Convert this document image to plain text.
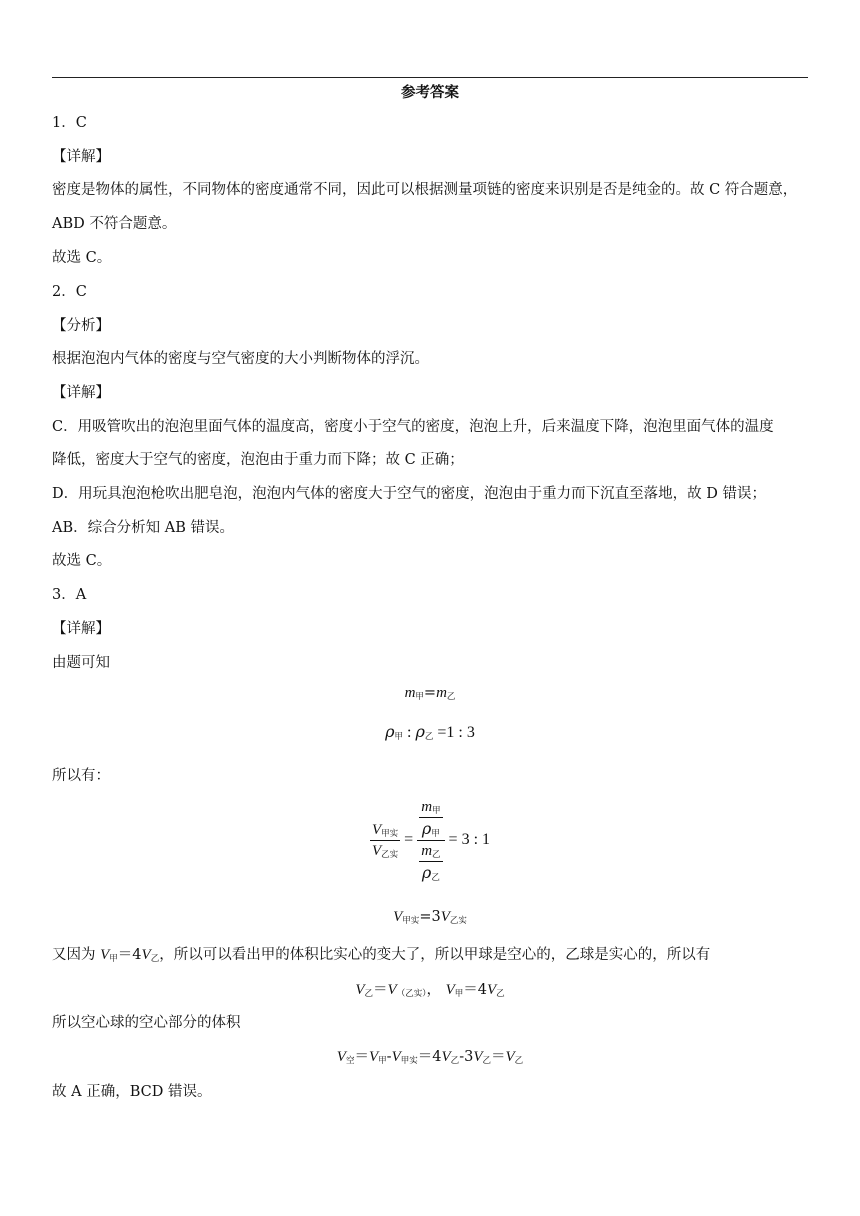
参考答案
1．C
【详解】
密度是物体的属性，不同物体的密度通常不同，因此可以根据测量项链的密度来识别是否是纯金的。故 C 符合题意，
ABD 不符合题意。
故选 C。
2．C
【分析】
根据泡泡内气体的密度与空气密度的大小判断物体的浮沉。
【详解】
C．用吸管吹出的泡泡里面气体的温度高，密度小于空气的密度，泡泡上升，后来温度下降，泡泡里面气体的温度
降低，密度大于空气的密度，泡泡由于重力而下降；故 C 正确；
D．用玩具泡泡枪吹出肥皂泡，泡泡内气体的密度大于空气的密度，泡泡由于重力而下沉直至落地，故 D 错误；
AB．综合分析知 AB 错误。
故选 C。
3．A
【详解】
由题可知
$m_甲=m_乙$
$\rho_甲$ : $\rho_乙 =1$ : 3
所以有：
$\frac{V_{甲实}}{V_{乙实}} = \frac{\frac{m_甲}{\rho_甲}}{\frac{m_乙}{\rho_乙}} = 3$ : 1
$V_{甲实}=3V_{乙实}$
又因为 $V_甲=4V_乙$，所以可以看出甲的体积比实心的变大了，所以甲球是空心的，乙球是实心的，所以有
$V_乙=V_{(乙实)}$， $V_甲=4V_乙$
所以空心球的空心部分的体积
$V_空=V_甲-V_{甲实}=4V_乙-3V_乙=V_乙$
故 A 正确，BCD 错误。
